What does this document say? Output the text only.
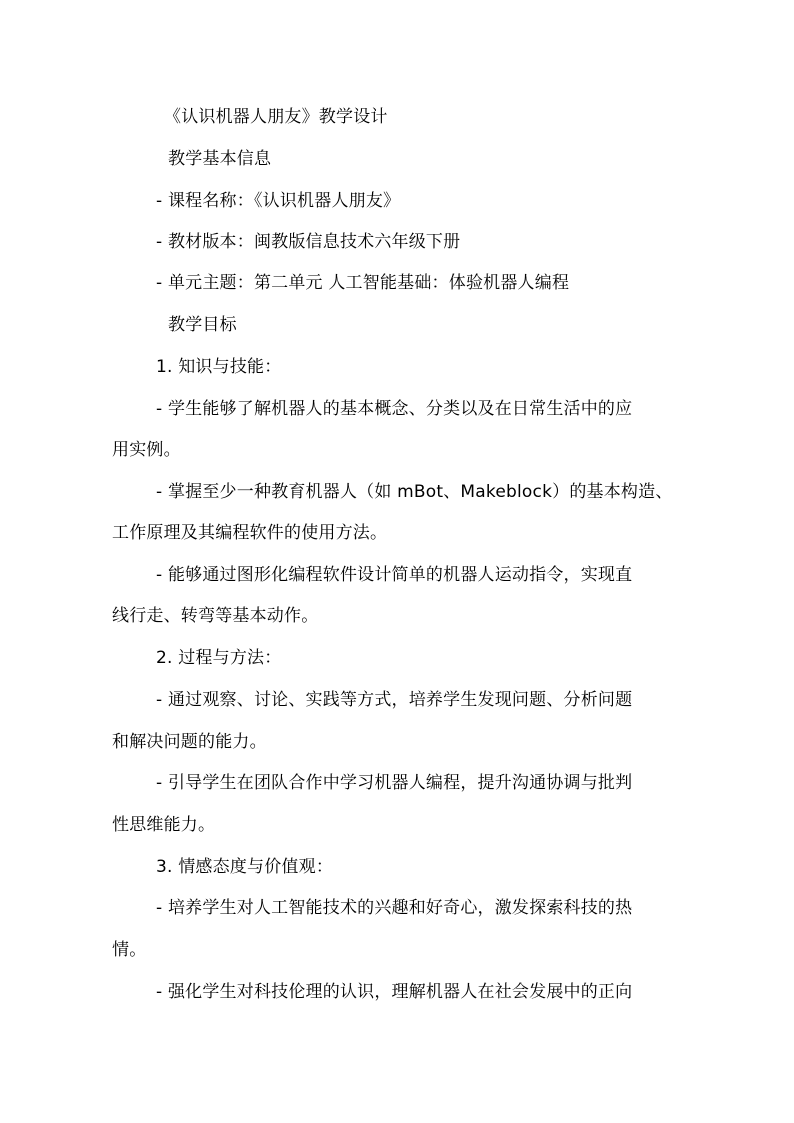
《认识机器人朋友》教学设计
教学基本信息
- 课程名称：《认识机器人朋友》
- 教材版本：闽教版信息技术六年级下册
- 单元主题：第二单元 人工智能基础：体验机器人编程
教学目标
1. 知识与技能：
- 学生能够了解机器人的基本概念、分类以及在日常生活中的应
用实例。
- 掌握至少一种教育机器人（如 mBot、Makeblock）的基本构造、
工作原理及其编程软件的使用方法。
- 能够通过图形化编程软件设计简单的机器人运动指令，实现直
线行走、转弯等基本动作。
2. 过程与方法：
- 通过观察、讨论、实践等方式，培养学生发现问题、分析问题
和解决问题的能力。
- 引导学生在团队合作中学习机器人编程，提升沟通协调与批判
性思维能力。
3. 情感态度与价值观：
- 培养学生对人工智能技术的兴趣和好奇心，激发探索科技的热
情。
- 强化学生对科技伦理的认识，理解机器人在社会发展中的正向
